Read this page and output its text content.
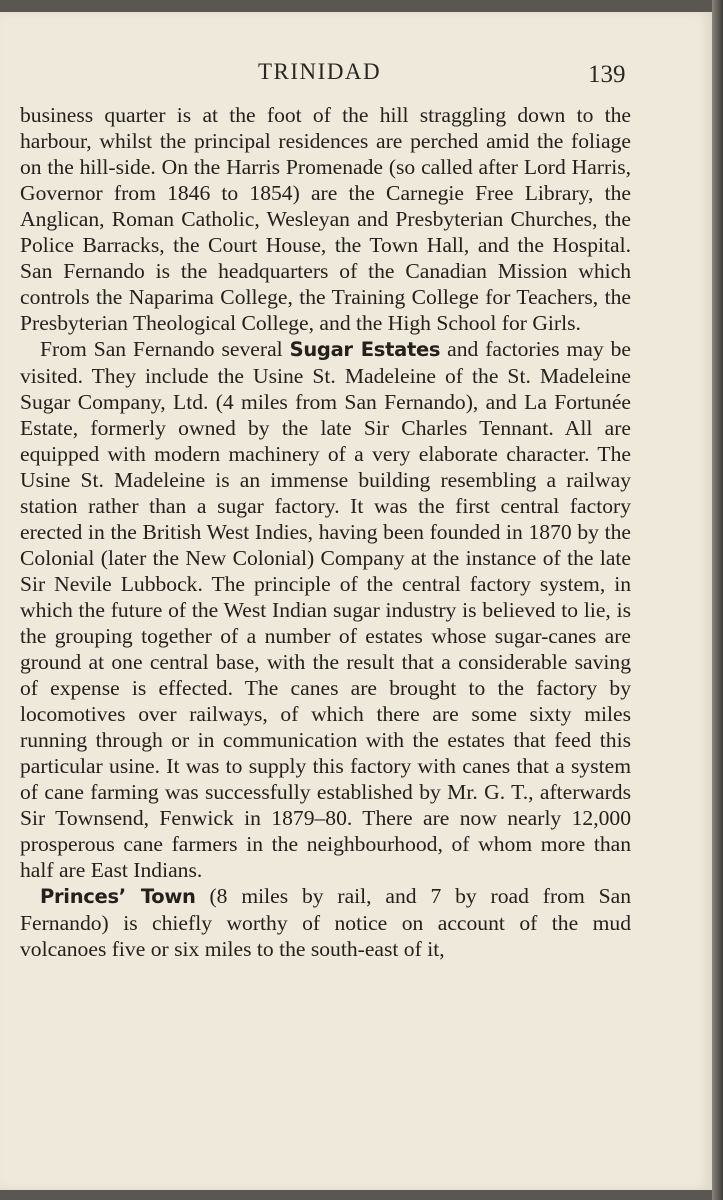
TRINIDAD	139

business quarter is at the foot of the hill straggling down to the harbour, whilst the principal residences are perched amid the foliage on the hill-side. On the Harris Promenade (so called after Lord Harris, Governor from 1846 to 1854) are the Carnegie Free Library, the Anglican, Roman Catholic, Wesleyan and Presbyterian Churches, the Police Barracks, the Court House, the Town Hall, and the Hospital. San Fernando is the headquarters of the Canadian Mission which controls the Naparima College, the Training College for Teachers, the Presbyterian Theological College, and the High School for Girls.

From San Fernando several Sugar Estates and factories may be visited. They include the Usine St. Madeleine of the St. Madeleine Sugar Company, Ltd. (4 miles from San Fernando), and La Fortunée Estate, formerly owned by the late Sir Charles Tennant. All are equipped with modern machinery of a very elaborate character. The Usine St. Madeleine is an immense building resembling a railway station rather than a sugar factory. It was the first central factory erected in the British West Indies, having been founded in 1870 by the Colonial (later the New Colonial) Company at the instance of the late Sir Nevile Lubbock. The principle of the central factory system, in which the future of the West Indian sugar industry is believed to lie, is the grouping together of a number of estates whose sugar-canes are ground at one central base, with the result that a considerable saving of expense is effected. The canes are brought to the factory by locomotives over railways, of which there are some sixty miles running through or in communication with the estates that feed this particular usine. It was to supply this factory with canes that a system of cane farming was successfully established by Mr. G. T., afterwards Sir Townsend, Fenwick in 1879–80. There are now nearly 12,000 prosperous cane farmers in the neighbourhood, of whom more than half are East Indians.

Princes’ Town (8 miles by rail, and 7 by road from San Fernando) is chiefly worthy of notice on account of the mud volcanoes five or six miles to the south-east of it,
